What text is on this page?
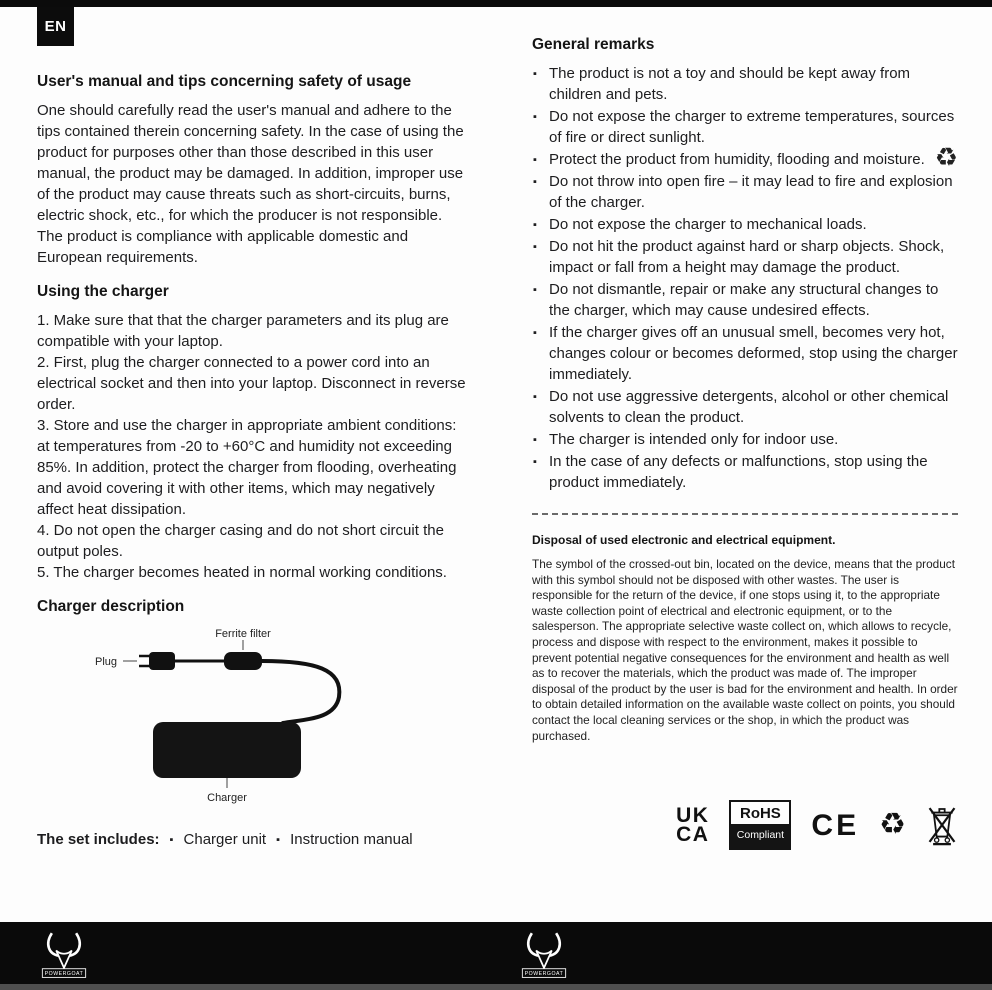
EN
User's manual and tips concerning safety of usage

One should carefully read the user's manual and adhere to the tips contained therein concerning safety. In the case of using the product for purposes other than those described in this user manual, the product may be damaged. In addition, improper use of the product may cause threats such as short-circuits, burns, electric shock, etc., for which the producer is not responsible. The product is compliance with applicable domestic and European requirements.

Using the charger

1. Make sure that that the charger parameters and its plug are compatible with your laptop.

2. First, plug the charger connected to a power cord into an electrical socket and then into your laptop. Disconnect in reverse order.

3. Store and use the charger in appropriate ambient conditions: at temperatures from -20 to +60°C and humidity not exceeding 85%. In addition, protect the charger from flooding, overheating and avoid covering it with other items, which may negatively affect heat dissipation.

4. Do not open the charger casing and do not short circuit the output poles.

5. The charger becomes heated in normal working conditions.

Charger description
Ferrite filter
Plug
Charger
The set includes: ▪ Charger unit ▪ Instruction manual
General remarks
▪ The product is not a toy and should be kept away from children and pets.
▪ Do not expose the charger to extreme temperatures, sources of fire or direct sunlight.
▪ Protect the product from humidity, flooding and moisture.
▪ Do not throw into open fire – it may lead to fire and explosion of the charger.
▪ Do not expose the charger to mechanical loads.
▪ Do not hit the product against hard or sharp objects. Shock, impact or fall from a height may damage the product.
▪ Do not dismantle, repair or make any structural changes to the charger, which may cause undesired effects.
▪ If the charger gives off an unusual smell, becomes very hot, changes colour or becomes deformed, stop using the charger immediately.
▪ Do not use aggressive detergents, alcohol or other chemical solvents to clean the product.
▪ The charger is intended only for indoor use.
▪ In the case of any defects or malfunctions, stop using the product immediately.
♻
Disposal of used electronic and electrical equipment.

The symbol of the crossed-out bin, located on the device, means that the product with this symbol should not be disposed with other wastes. The user is responsible for the return of the device, if one stops using it, to the appropriate waste collection point of electrical and electronic equipment, or to the salesperson. The appropriate selective waste collect on, which allows to recycle, process and dispose with respect to the environment, makes it possible to prevent potential negative consequences for the environment and health as well as to recover the materials, which the product was made of. The improper disposal of the product by the user is bad for the environment and health. In order to obtain detailed information on the available waste collect on points, you should contact the local cleaning services or the shop, in which the product was purchased.

UK
CA
RoHS
Compliant CE ♻
POWERGOAT	POWERGOAT
